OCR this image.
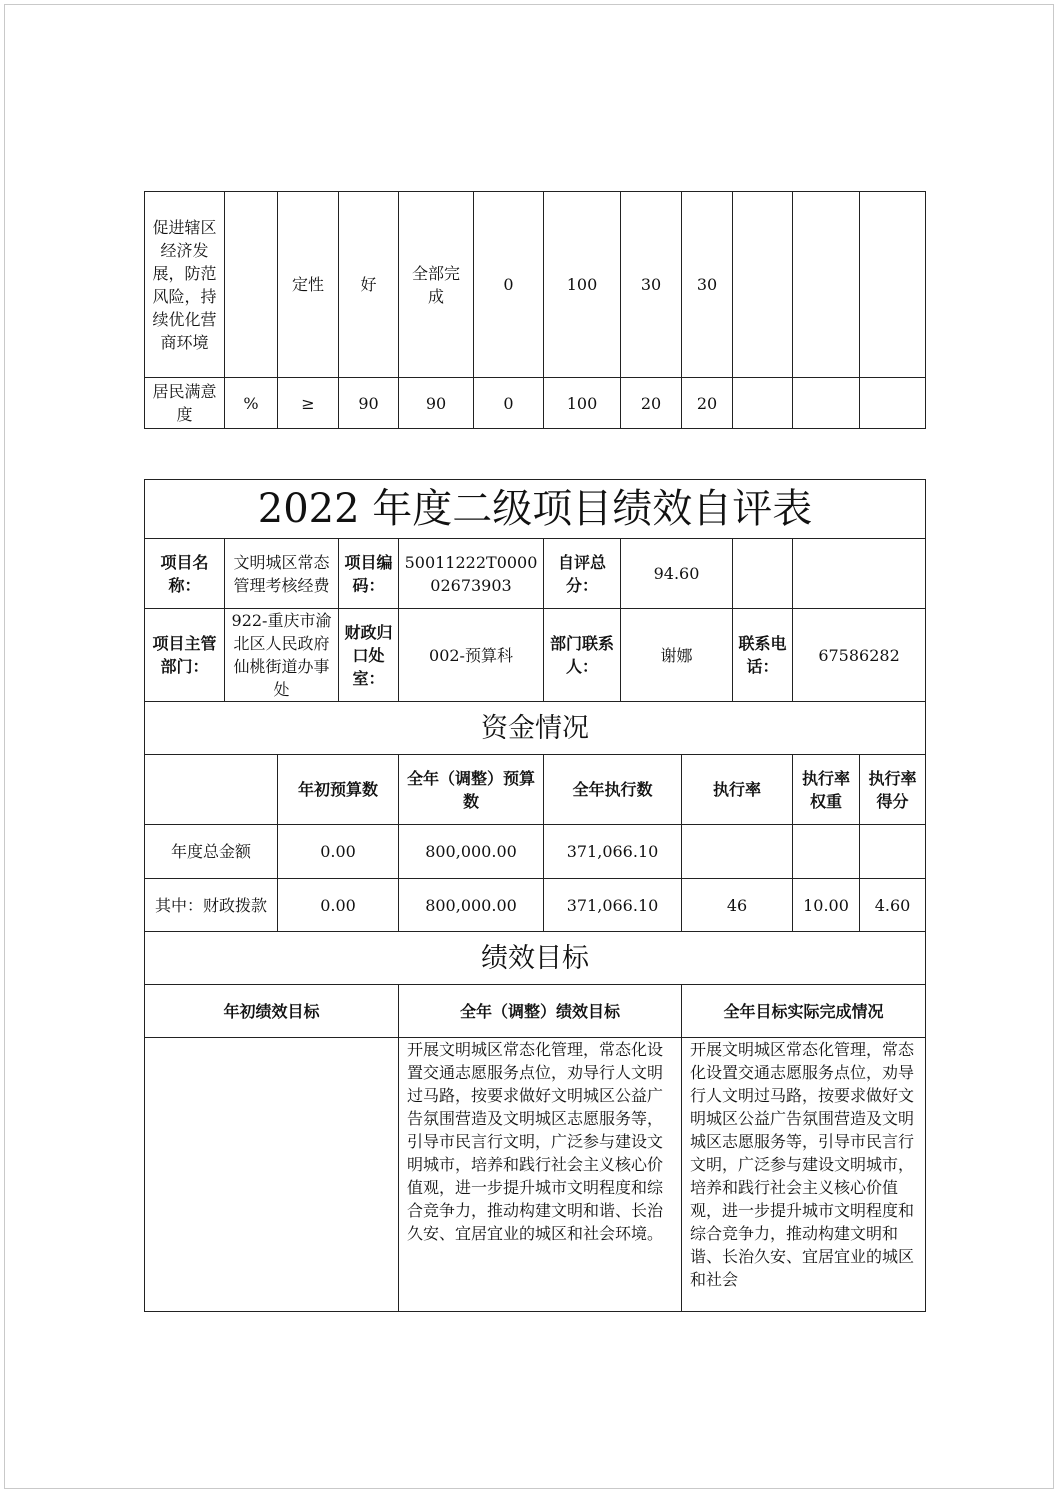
促进辖区经济发展，防范风险，持续优化营商环境		定性	好	全部完成	0	100	30	30			
居民满意度	%	≥	90	90	0	100	20	20			
2022 年度二级项目绩效自评表										
项目名称：	文明城区常态管理考核经费		项目编码：	50011222T000002673903	自评总分：	94.60				
项目主管部门：	922-重庆市渝北区人民政府仙桃街道办事处		财政归口处室：	002-预算科	部门联系人：	谢娜		联系电话：	67586282	
资金情况										
		年初预算数		全年（调整）预算数	全年执行数		执行率		执行率权重	执行率得分
年度总金额		0.00		800,000.00	371,066.10					
其中：财政拨款		0.00		800,000.00	371,066.10		46		10.00	4.60
绩效目标										
年初绩效目标				全年（调整）绩效目标			全年目标实际完成情况			
				开展文明城区常态化管理，常态化设置交通志愿服务点位，劝导行人文明过马路，按要求做好文明城区公益广告氛围营造及文明城区志愿服务等，引导市民言行文明，广泛参与建设文明城市，培养和践行社会主义核心价值观，进一步提升城市文明程度和综合竞争力，推动构建文明和谐、长治久安、宜居宜业的城区和社会环境。			开展文明城区常态化管理，常态化设置交通志愿服务点位，劝导行人文明过马路，按要求做好文明城区公益广告氛围营造及文明城区志愿服务等，引导市民言行文明，广泛参与建设文明城市，培养和践行社会主义核心价值观，进一步提升城市文明程度和综合竞争力，推动构建文明和谐、长治久安、宜居宜业的城区和社会			
